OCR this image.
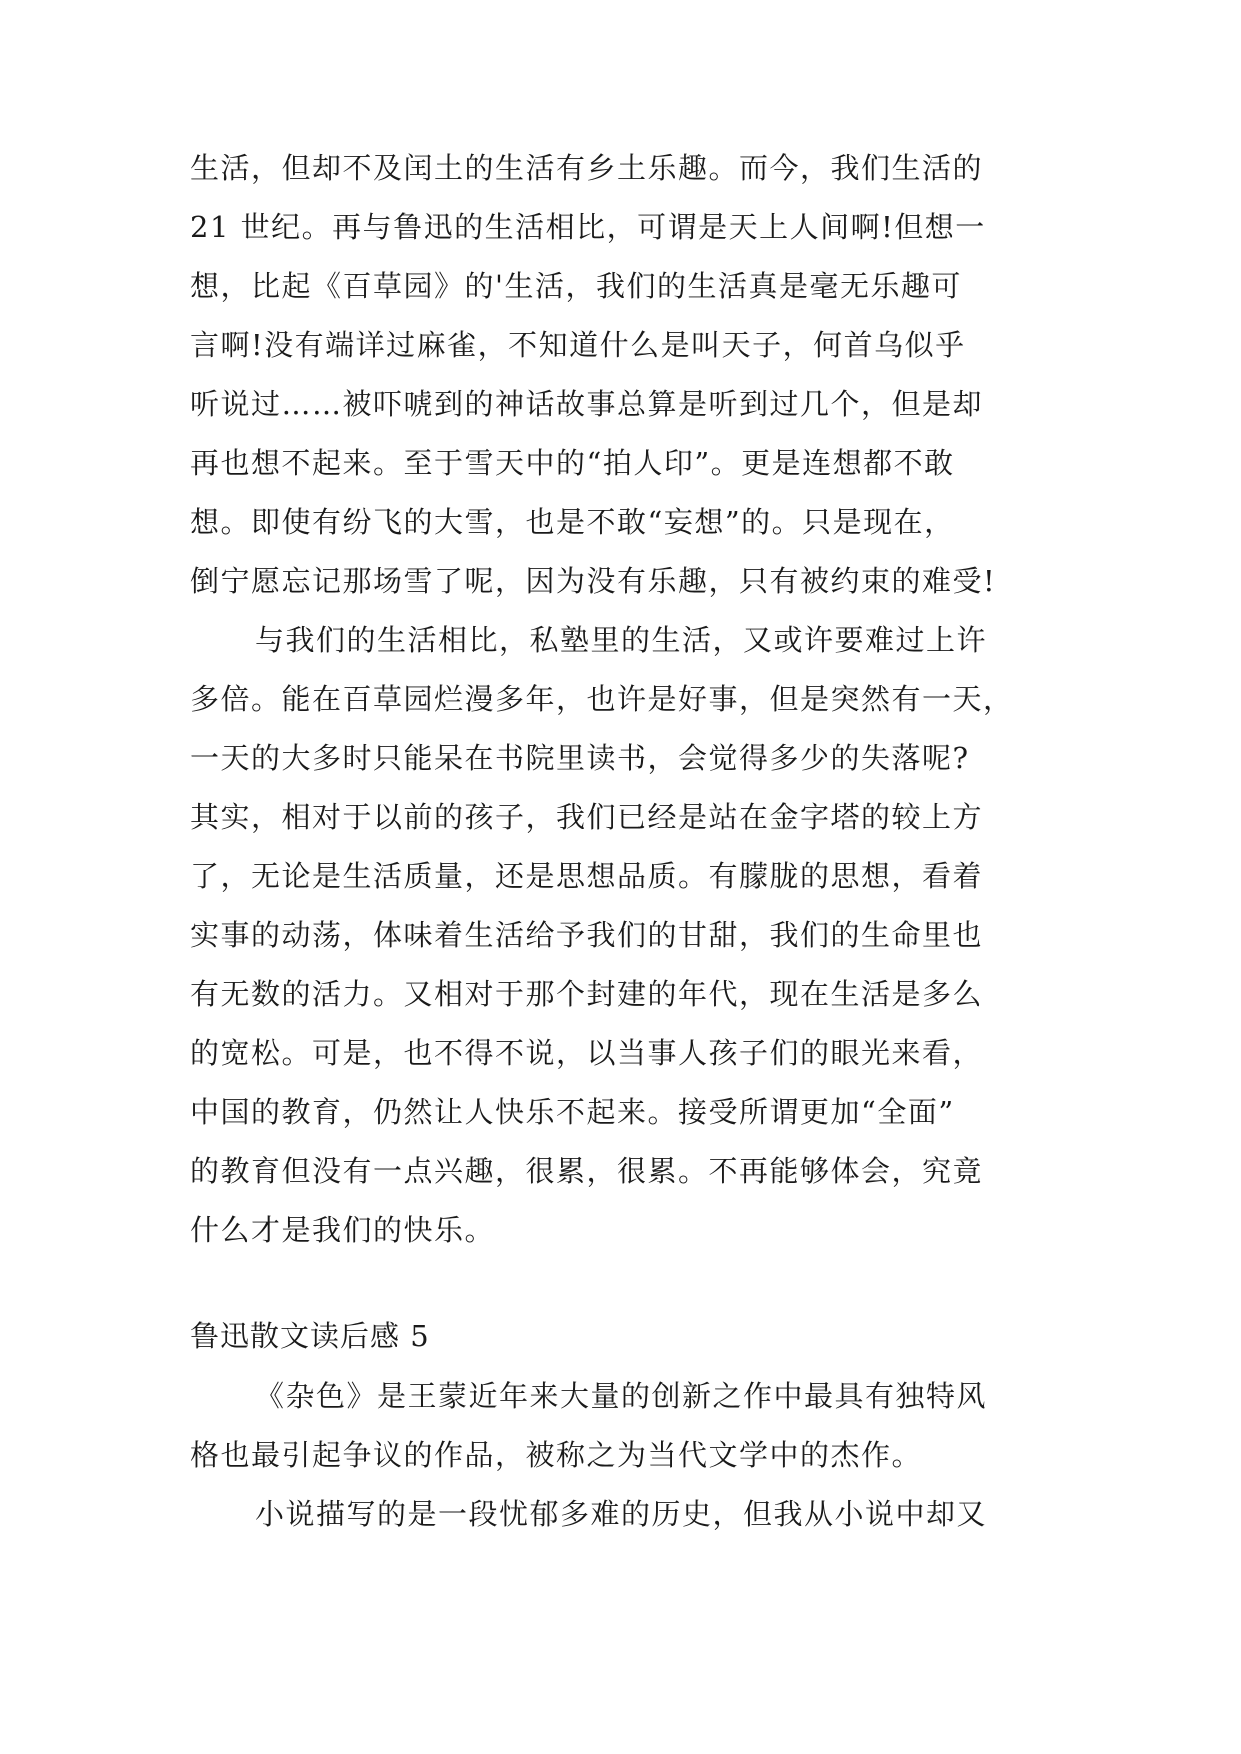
生活，但却不及闰土的生活有乡土乐趣。而今，我们生活的
21 世纪。再与鲁迅的生活相比，可谓是天上人间啊!但想一
想，比起《百草园》的'生活，我们的生活真是毫无乐趣可
言啊!没有端详过麻雀，不知道什么是叫天子，何首乌似乎
听说过……被吓唬到的神话故事总算是听到过几个，但是却
再也想不起来。至于雪天中的“拍人印”。更是连想都不敢
想。即使有纷飞的大雪，也是不敢“妄想”的。只是现在，
倒宁愿忘记那场雪了呢，因为没有乐趣，只有被约束的难受!
与我们的生活相比，私塾里的生活，又或许要难过上许
多倍。能在百草园烂漫多年，也许是好事，但是突然有一天，
一天的大多时只能呆在书院里读书，会觉得多少的失落呢?
其实，相对于以前的孩子，我们已经是站在金字塔的较上方
了，无论是生活质量，还是思想品质。有朦胧的思想，看着
实事的动荡，体味着生活给予我们的甘甜，我们的生命里也
有无数的活力。又相对于那个封建的年代，现在生活是多么
的宽松。可是，也不得不说，以当事人孩子们的眼光来看，
中国的教育，仍然让人快乐不起来。接受所谓更加“全面”
的教育但没有一点兴趣，很累，很累。不再能够体会，究竟
什么才是我们的快乐。
鲁迅散文读后感 5
《杂色》是王蒙近年来大量的创新之作中最具有独特风
格也最引起争议的作品，被称之为当代文学中的杰作。
小说描写的是一段忧郁多难的历史，但我从小说中却又
